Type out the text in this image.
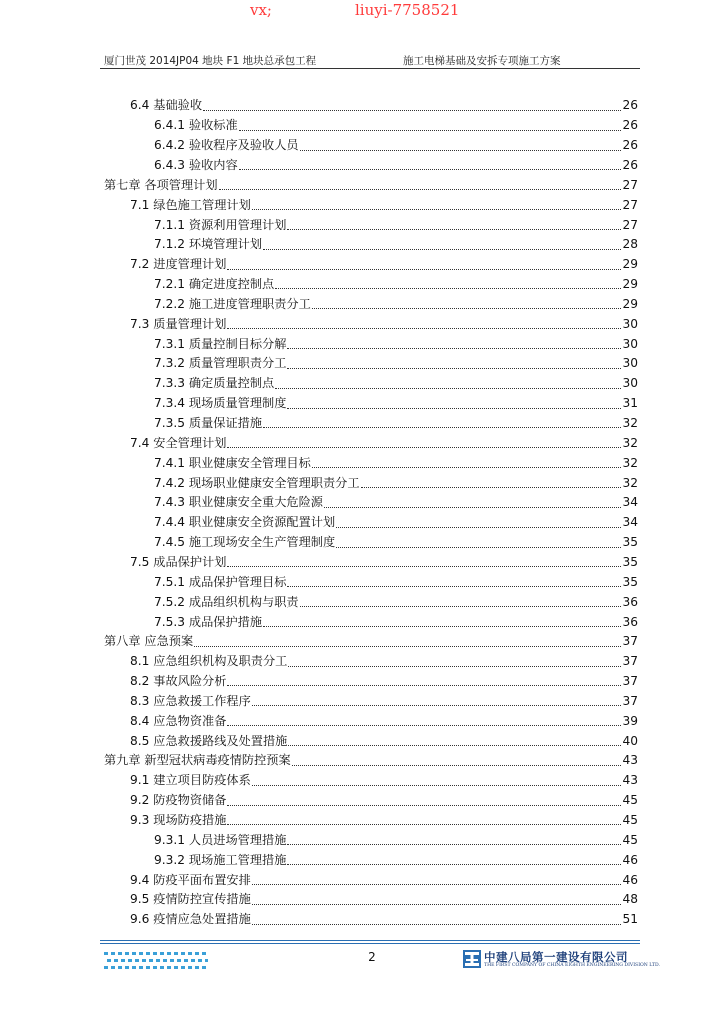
vx;

	liuyi-7758521

厦门世茂 2014JP04 地块 F1 地块总承包工程	施工电梯基础及安拆专项施工方案
6.4 基础验收	26
6.4.1 验收标准	26
6.4.2 验收程序及验收人员	26
6.4.3 验收内容	26
第七章 各项管理计划	27
7.1 绿色施工管理计划	27
7.1.1 资源利用管理计划	27
7.1.2 环境管理计划	28
7.2 进度管理计划	29
7.2.1 确定进度控制点	29
7.2.2 施工进度管理职责分工	29
7.3 质量管理计划	30
7.3.1 质量控制目标分解	30
7.3.2 质量管理职责分工	30
7.3.3 确定质量控制点	30
7.3.4 现场质量管理制度	31
7.3.5 质量保证措施	32
7.4 安全管理计划	32
7.4.1 职业健康安全管理目标	32
7.4.2 现场职业健康安全管理职责分工	32
7.4.3 职业健康安全重大危险源	34
7.4.4 职业健康安全资源配置计划	34
7.4.5 施工现场安全生产管理制度	35
7.5 成品保护计划	35
7.5.1 成品保护管理目标	35
7.5.2 成品组织机构与职责	36
7.5.3 成品保护措施	36
第八章 应急预案	37
8.1 应急组织机构及职责分工	37
8.2 事故风险分析	37
8.3 应急救援工作程序	37
8.4 应急物资准备	39
8.5 应急救援路线及处置措施	40
第九章 新型冠状病毒疫情防控预案	43
9.1 建立项目防疫体系	43
9.2 防疫物资储备	45
9.3 现场防疫措施	45
9.3.1 人员进场管理措施	45
9.3.2 现场施工管理措施	46
9.4 防疫平面布置安排	46
9.5 疫情防控宣传措施	48
9.6 疫情应急处置措施	51
2	中建八局第一建设有限公司
THE FIRST COMPANY OF CHINA EIGHTH ENGINEERING DIVISION LTD.
